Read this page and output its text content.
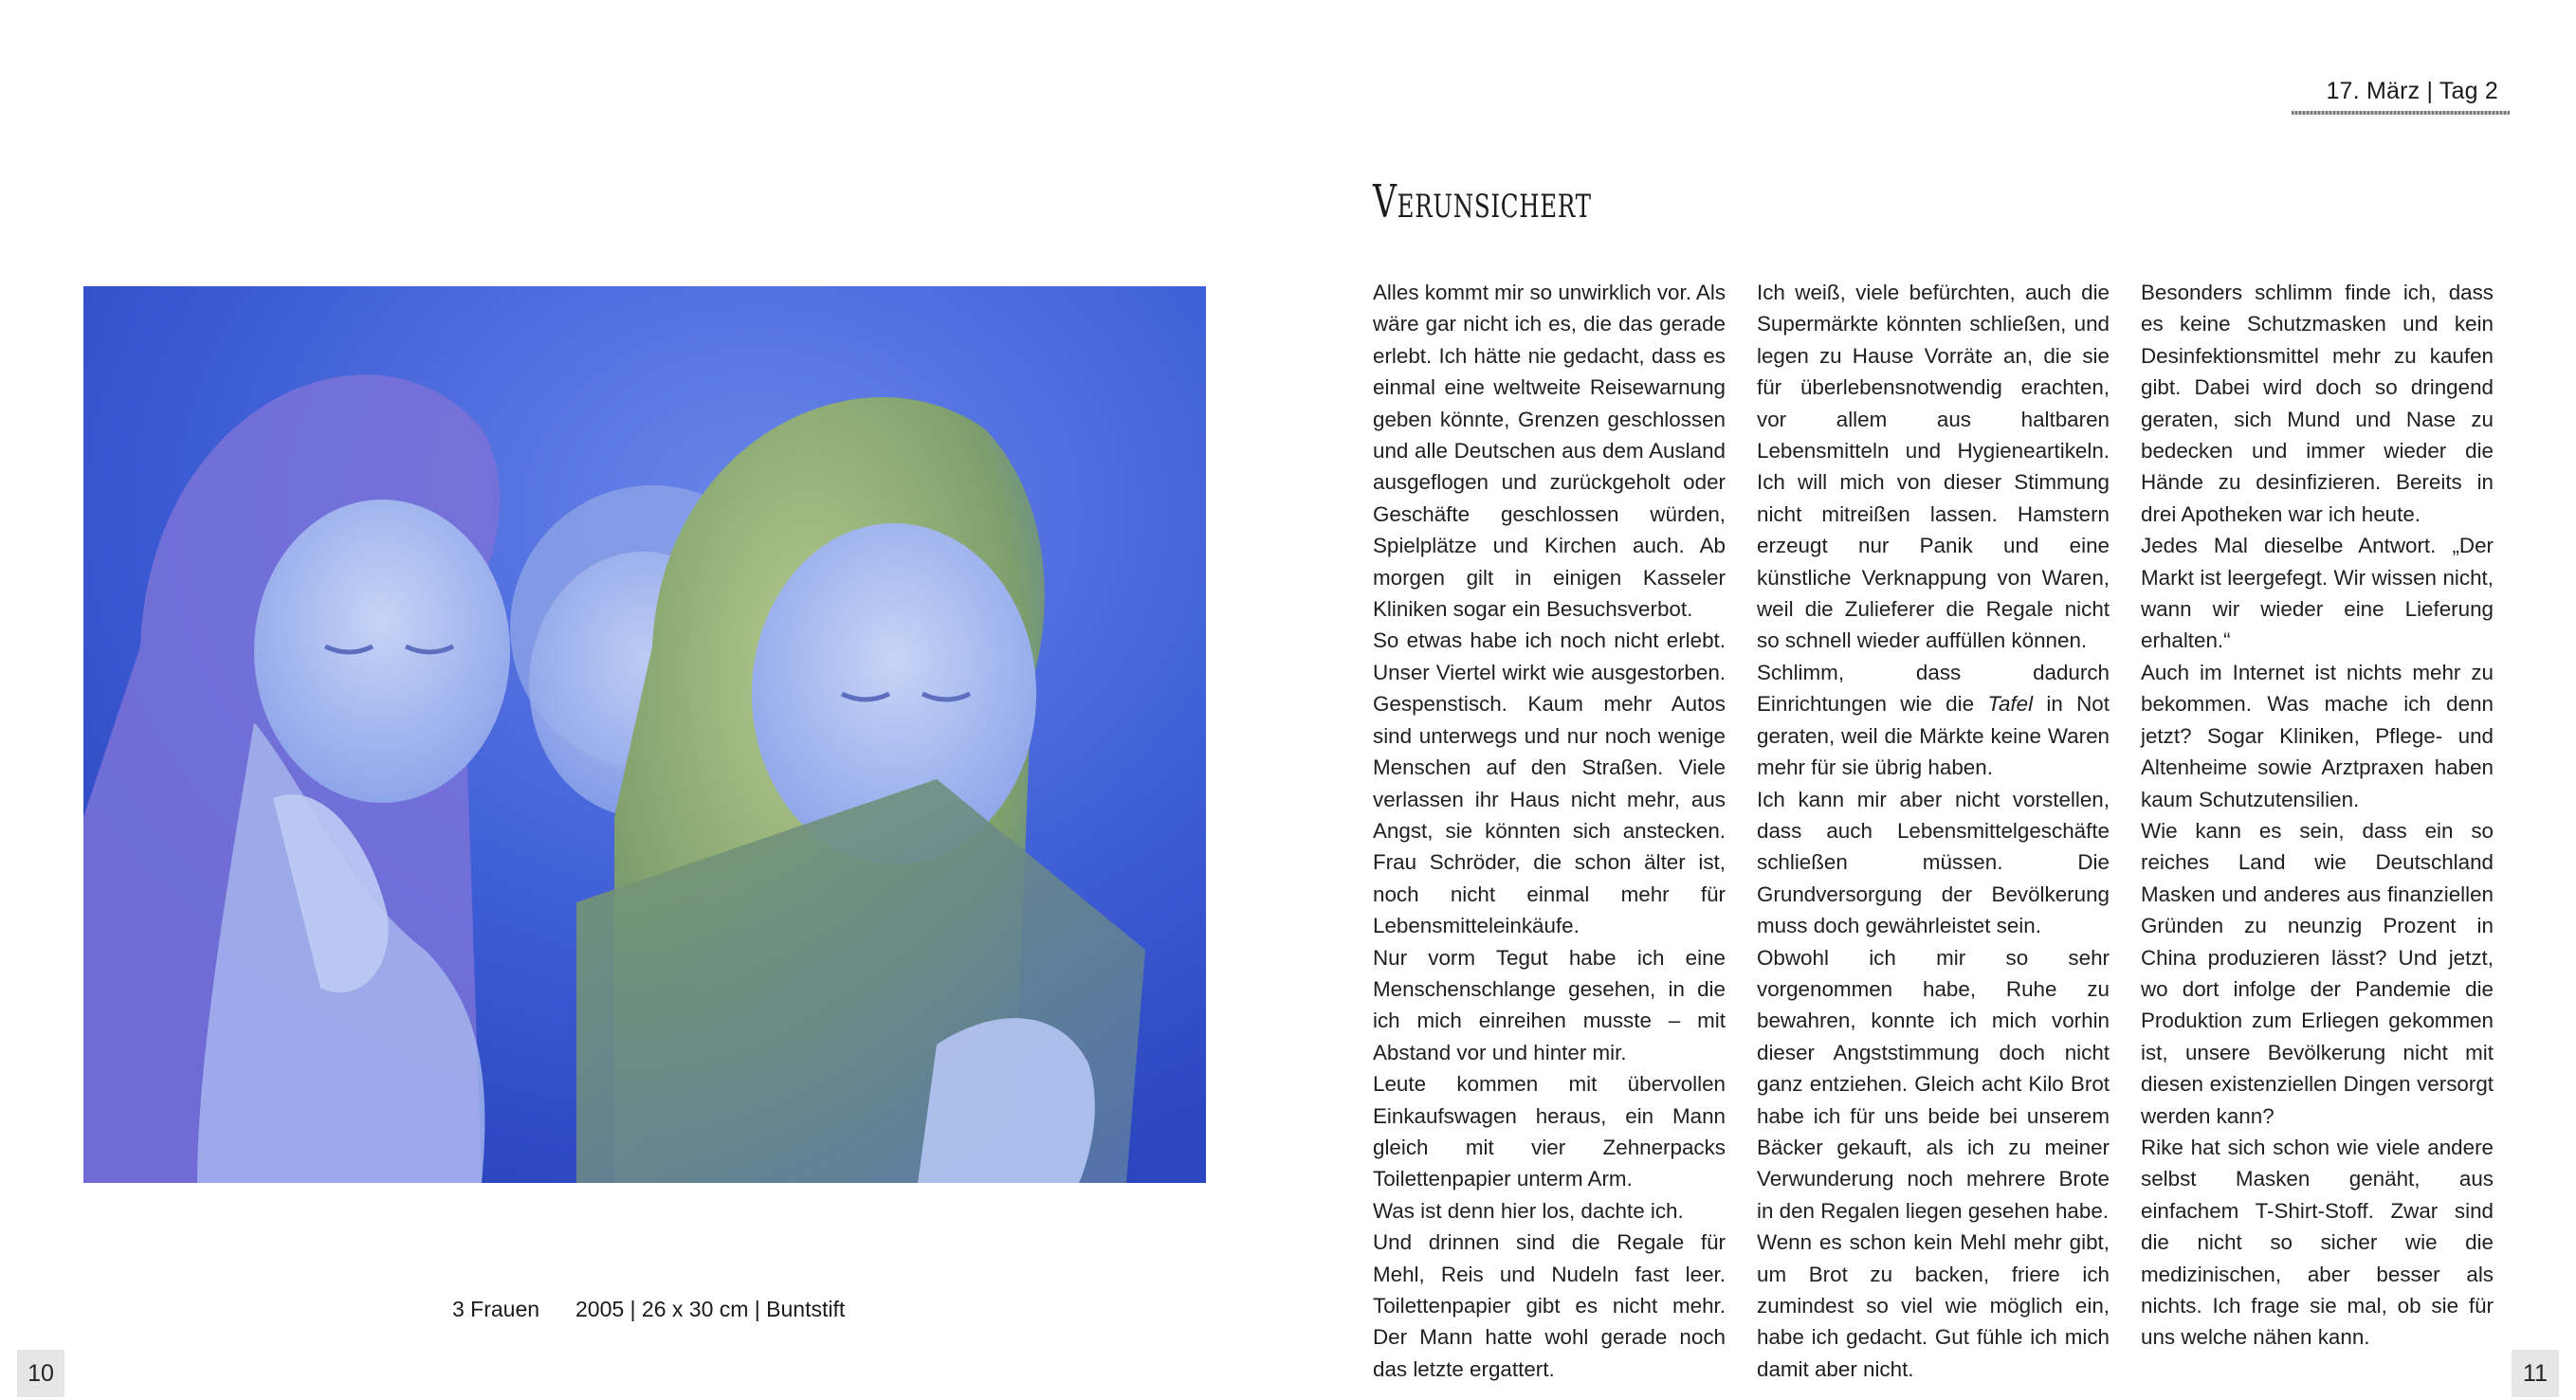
17. März | Tag 2
3 Frauen 2005 | 26 x 30 cm | Buntstift
Verunsichert

Alles kommt mir so unwirklich vor. Als wäre gar nicht ich es, die das gerade erlebt. Ich hätte nie gedacht, dass es einmal eine weltweite Reisewarnung geben könnte, Grenzen geschlossen und alle Deutschen aus dem Ausland ausgeflogen und zurückgeholt oder Geschäfte geschlossen würden, Spielplätze und Kirchen auch. Ab morgen gilt in einigen Kasseler Kliniken sogar ein Besuchsverbot.

So etwas habe ich noch nicht erlebt. Unser Viertel wirkt wie ausgestorben. Gespenstisch. Kaum mehr Autos sind unterwegs und nur noch wenige Menschen auf den Straßen. Viele verlassen ihr Haus nicht mehr, aus Angst, sie könnten sich anstecken. Frau Schröder, die schon älter ist, noch nicht einmal mehr für Lebensmitteleinkäufe.

Nur vorm Tegut habe ich eine Menschenschlange gesehen, in die ich mich einreihen musste – mit Abstand vor und hinter mir.

Leute kommen mit übervollen Einkaufswagen heraus, ein Mann gleich mit vier Zehnerpacks Toilettenpapier unterm Arm.

Was ist denn hier los, dachte ich.

Und drinnen sind die Regale für Mehl, Reis und Nudeln fast leer. Toilettenpapier gibt es nicht mehr. Der Mann hatte wohl gerade noch das letzte ergattert.

Ich weiß, viele befürchten, auch die Supermärkte könnten schließen, und legen zu Hause Vorräte an, die sie für überlebensnotwendig erachten, vor allem aus haltbaren Lebensmitteln und Hygieneartikeln. Ich will mich von dieser Stimmung nicht mitreißen lassen. Hamstern erzeugt nur Panik und eine künstliche Verknappung von Waren, weil die Zulieferer die Regale nicht so schnell wieder auffüllen können.

Schlimm, dass dadurch Einrichtungen wie die Tafel in Not geraten, weil die Märkte keine Waren mehr für sie übrig haben.

Ich kann mir aber nicht vorstellen, dass auch Lebensmittelgeschäfte schließen müssen. Die Grundversorgung der Bevölkerung muss doch gewährleistet sein.

Obwohl ich mir so sehr vorgenommen habe, Ruhe zu bewahren, konnte ich mich vorhin dieser Angststimmung doch nicht ganz entziehen. Gleich acht Kilo Brot habe ich für uns beide bei unserem Bäcker gekauft, als ich zu meiner Verwunderung noch mehrere Brote in den Regalen liegen gesehen habe.

Wenn es schon kein Mehl mehr gibt, um Brot zu backen, friere ich zumindest so viel wie möglich ein, habe ich gedacht. Gut fühle ich mich damit aber nicht.

Besonders schlimm finde ich, dass es keine Schutzmasken und kein Desinfektionsmittel mehr zu kaufen gibt. Dabei wird doch so dringend geraten, sich Mund und Nase zu bedecken und immer wieder die Hände zu desinfizieren. Bereits in drei Apotheken war ich heute.

Jedes Mal dieselbe Antwort. „Der Markt ist leergefegt. Wir wissen nicht, wann wir wieder eine Lieferung erhalten.“

Auch im Internet ist nichts mehr zu bekommen. Was mache ich denn jetzt? Sogar Kliniken, Pflege- und Altenheime sowie Arztpraxen haben kaum Schutzutensilien.

Wie kann es sein, dass ein so reiches Land wie Deutschland Masken und anderes aus finanziellen Gründen zu neunzig Prozent in China produzieren lässt? Und jetzt, wo dort infolge der Pandemie die Produktion zum Erliegen gekommen ist, unsere Bevölkerung nicht mit diesen existenziellen Dingen versorgt werden kann?

Rike hat sich schon wie viele andere selbst Masken genäht, aus einfachem T-Shirt-Stoff. Zwar sind die nicht so sicher wie die medizinischen, aber besser als nichts. Ich frage sie mal, ob sie für uns welche nähen kann.

10	11
